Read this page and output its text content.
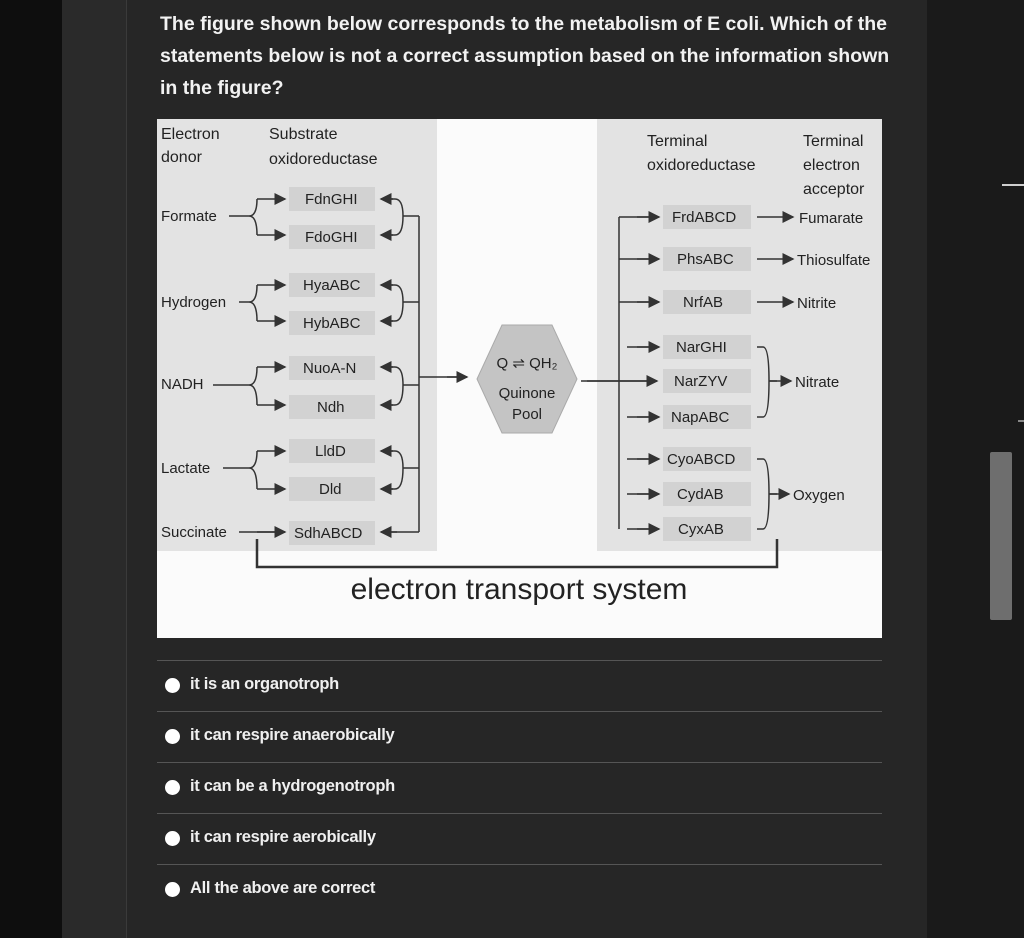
The figure shown below corresponds to the metabolism of E coli. Which of the statements below is not a correct assumption based on the information shown in the figure?
Electron
donor
Substrate
oxidoreductase
Terminal
oxidoreductase
Terminal
electron
acceptor
Formate
Hydrogen
NADH
Lactate
Succinate
FdnGHI
FdoGHI
HyaABC
HybABC
NuoA-N
Ndh
LldD
Dld
SdhABCD
Q ⇌ QH₂
Quinone
Pool
FrdABCD
PhsABC
NrfAB
NarGHI
NarZYV
NapABC
CyoABCD
CydAB
CyxAB
Fumarate
Thiosulfate
Nitrite
Nitrate
Oxygen
electron transport system
it is an organotroph
it can respire anaerobically
it can be a hydrogenotroph
it can respire aerobically
All the above are correct
